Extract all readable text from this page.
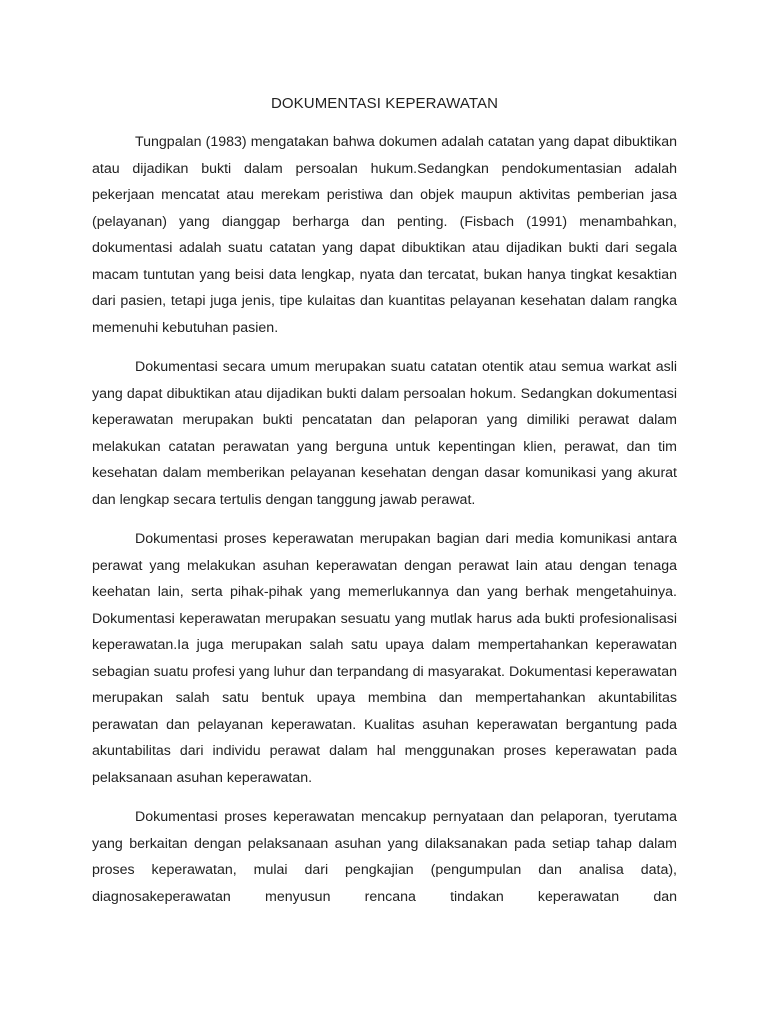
DOKUMENTASI KEPERAWATAN

Tungpalan (1983) mengatakan bahwa dokumen adalah catatan yang dapat dibuktikan atau dijadikan bukti dalam persoalan hukum.Sedangkan pendokumentasian adalah pekerjaan mencatat atau merekam peristiwa dan objek maupun aktivitas pemberian jasa (pelayanan) yang dianggap berharga dan penting. (Fisbach (1991) menambahkan, dokumentasi adalah suatu catatan yang dapat dibuktikan atau dijadikan bukti dari segala macam tuntutan yang beisi data lengkap, nyata dan tercatat, bukan hanya tingkat kesaktian dari pasien, tetapi juga jenis, tipe kulaitas dan kuantitas pelayanan kesehatan dalam rangka memenuhi kebutuhan pasien.

Dokumentasi secara umum merupakan suatu catatan otentik atau semua warkat asli yang dapat dibuktikan atau dijadikan bukti dalam persoalan hokum. Sedangkan dokumentasi keperawatan merupakan bukti pencatatan dan pelaporan yang dimiliki perawat dalam melakukan catatan perawatan yang berguna untuk kepentingan klien, perawat, dan tim kesehatan dalam memberikan pelayanan kesehatan dengan dasar komunikasi yang akurat dan lengkap secara tertulis dengan tanggung jawab perawat.

Dokumentasi proses keperawatan merupakan bagian dari media komunikasi antara perawat yang melakukan asuhan keperawatan dengan perawat lain atau dengan tenaga keehatan lain, serta pihak-pihak yang memerlukannya dan yang berhak mengetahuinya. Dokumentasi keperawatan merupakan sesuatu yang mutlak harus ada bukti profesionalisasi keperawatan.Ia juga merupakan salah satu upaya dalam mempertahankan keperawatan sebagian suatu profesi yang luhur dan terpandang di masyarakat. Dokumentasi keperawatan merupakan salah satu bentuk upaya membina dan mempertahankan akuntabilitas perawatan dan pelayanan keperawatan. Kualitas asuhan keperawatan bergantung pada akuntabilitas dari individu perawat dalam hal menggunakan proses keperawatan pada pelaksanaan asuhan keperawatan.

Dokumentasi proses keperawatan mencakup pernyataan dan pelaporan, tyerutama yang berkaitan dengan pelaksanaan asuhan yang dilaksanakan pada setiap tahap dalam proses keperawatan, mulai dari pengkajian (pengumpulan dan analisa data), diagnosakeperawatan menyusun rencana tindakan keperawatan dan
